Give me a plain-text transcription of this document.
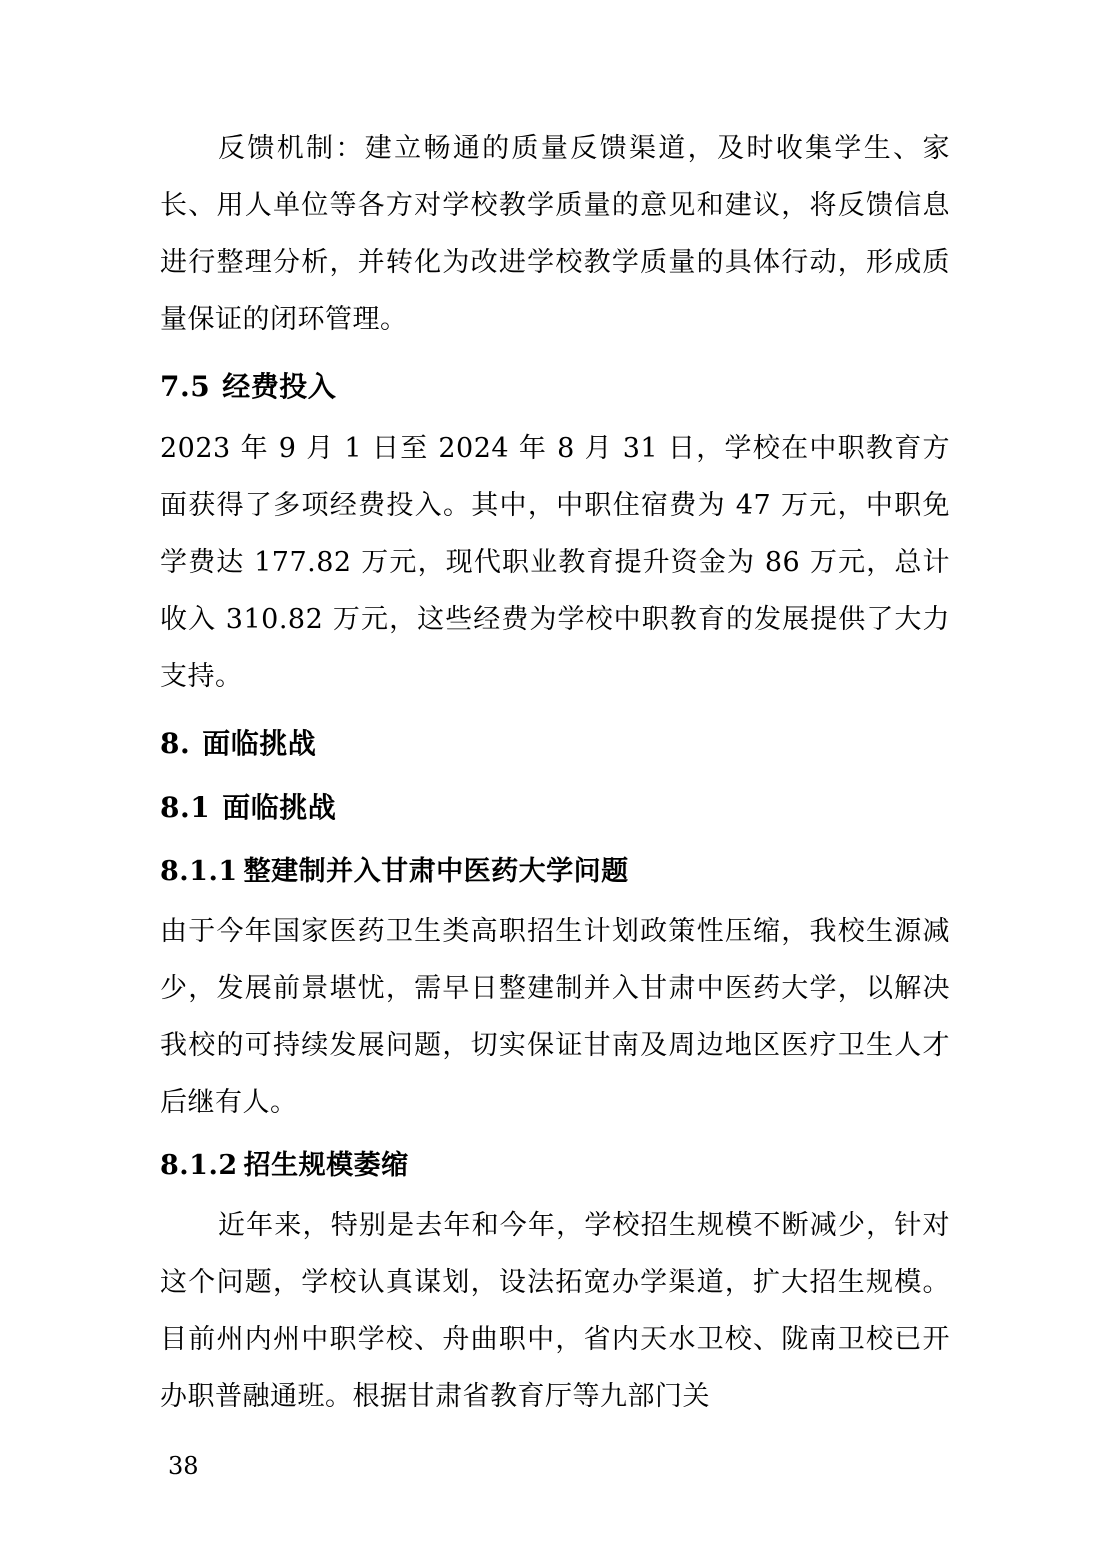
反馈机制：建立畅通的质量反馈渠道，及时收集学生、家长、用人单位等各方对学校教学质量的意见和建议，将反馈信息进行整理分析，并转化为改进学校教学质量的具体行动，形成质量保证的闭环管理。

7.5 经费投入

2023 年 9 月 1 日至 2024 年 8 月 31 日，学校在中职教育方面获得了多项经费投入。其中，中职住宿费为 47 万元，中职免学费达 177.82 万元，现代职业教育提升资金为 86 万元，总计收入 310.82 万元，这些经费为学校中职教育的发展提供了大力支持。

8. 面临挑战
8.1 面临挑战
8.1.1 整建制并入甘肃中医药大学问题

由于今年国家医药卫生类高职招生计划政策性压缩，我校生源减少，发展前景堪忧，需早日整建制并入甘肃中医药大学，以解决我校的可持续发展问题，切实保证甘南及周边地区医疗卫生人才后继有人。

8.1.2 招生规模萎缩

近年来，特别是去年和今年，学校招生规模不断减少，针对这个问题，学校认真谋划，设法拓宽办学渠道，扩大招生规模。目前州内州中职学校、舟曲职中，省内天水卫校、陇南卫校已开办职普融通班。根据甘肃省教育厅等九部门关

38
